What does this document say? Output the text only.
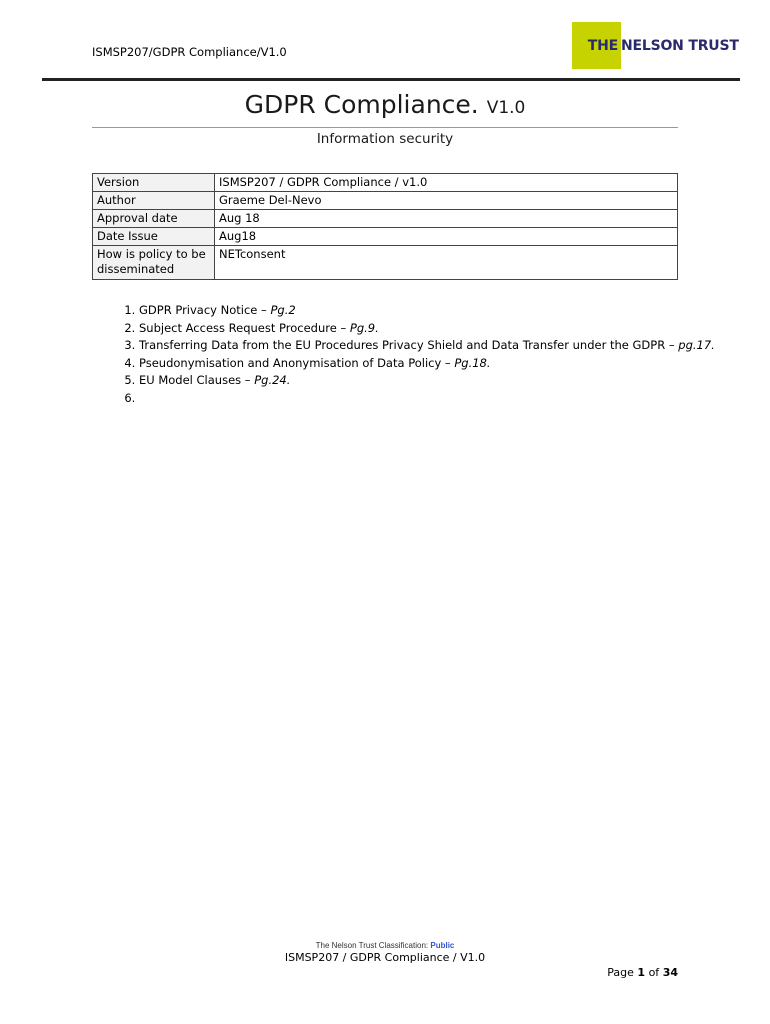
ISMSP207/GDPR Compliance/V1.0	THE NELSON TRUST
GDPR Compliance. V1.0
Information security
Version	ISMSP207 / GDPR Compliance / v1.0
Author	Graeme Del-Nevo
Approval date	Aug 18
Date Issue	Aug18
How is policy to be disseminated	NETconsent
1. GDPR Privacy Notice – Pg.2
2. Subject Access Request Procedure – Pg.9.
3. Transferring Data from the EU Procedures Privacy Shield and Data Transfer under the GDPR – pg.17.
4. Pseudonymisation and Anonymisation of Data Policy – Pg.18.
5. EU Model Clauses – Pg.24.
6.
The Nelson Trust Classification: Public
ISMSP207 / GDPR Compliance / V1.0
Page 1 of 34
